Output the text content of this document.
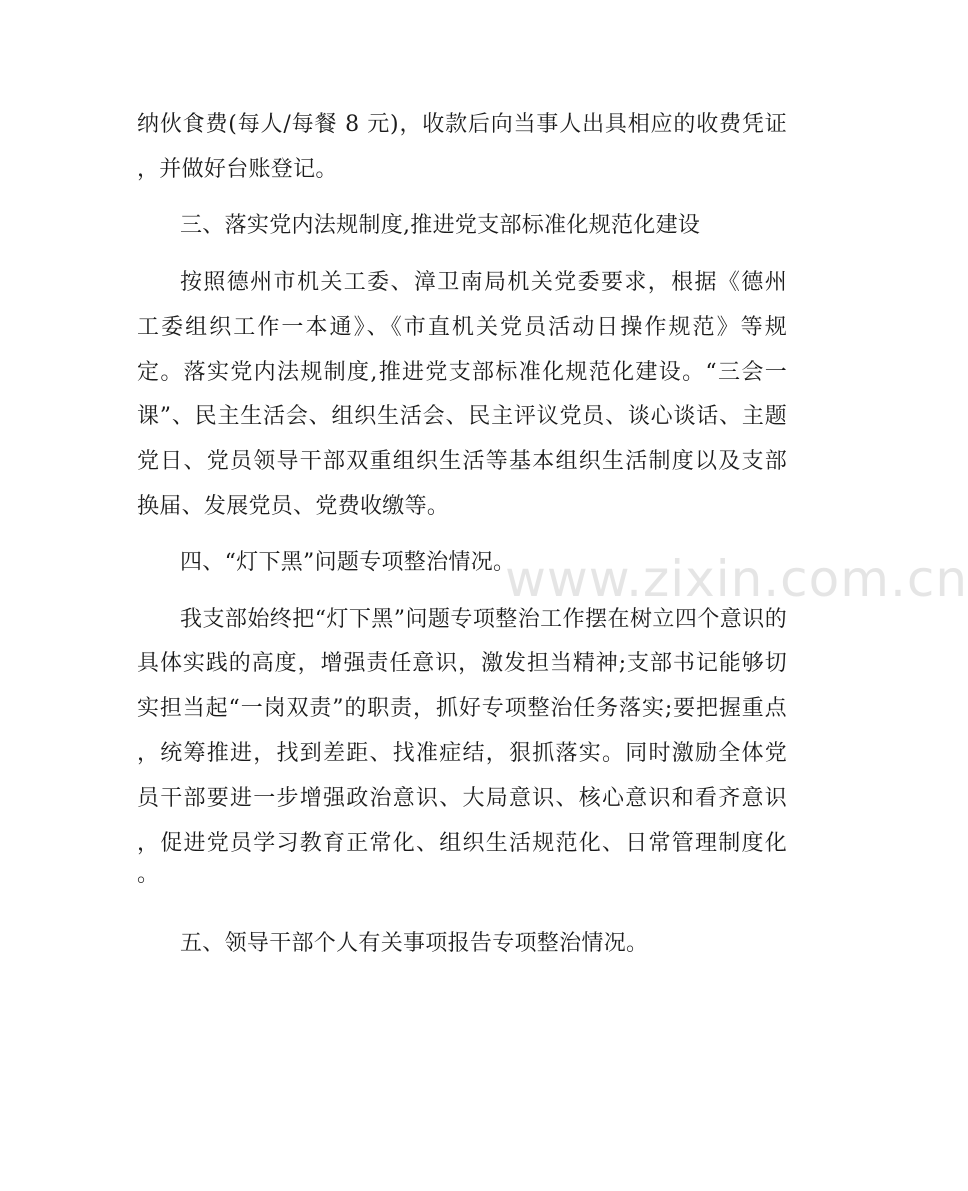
纳伙食费(每人/每餐 8 元)，收款后向当事人出具相应的收费凭证
，并做好台账登记。
三、落实党内法规制度,推进党支部标准化规范化建设
按照德州市机关工委、漳卫南局机关党委要求，根据《德州
工委组织工作一本通》、《市直机关党员活动日操作规范》等规
定。落实党内法规制度,推进党支部标准化规范化建设。“三会一
课”、民主生活会、组织生活会、民主评议党员、谈心谈话、主题
党日、党员领导干部双重组织生活等基本组织生活制度以及支部
换届、发展党员、党费收缴等。
四、“灯下黑”问题专项整治情况。
我支部始终把“灯下黑”问题专项整治工作摆在树立四个意识的
具体实践的高度，增强责任意识，激发担当精神;支部书记能够切
实担当起“一岗双责”的职责，抓好专项整治任务落实;要把握重点
，统筹推进，找到差距、找准症结，狠抓落实。同时激励全体党
员干部要进一步增强政治意识、大局意识、核心意识和看齐意识
，促进党员学习教育正常化、组织生活规范化、日常管理制度化
。
五、领导干部个人有关事项报告专项整治情况。
www.zixin.com.cn
